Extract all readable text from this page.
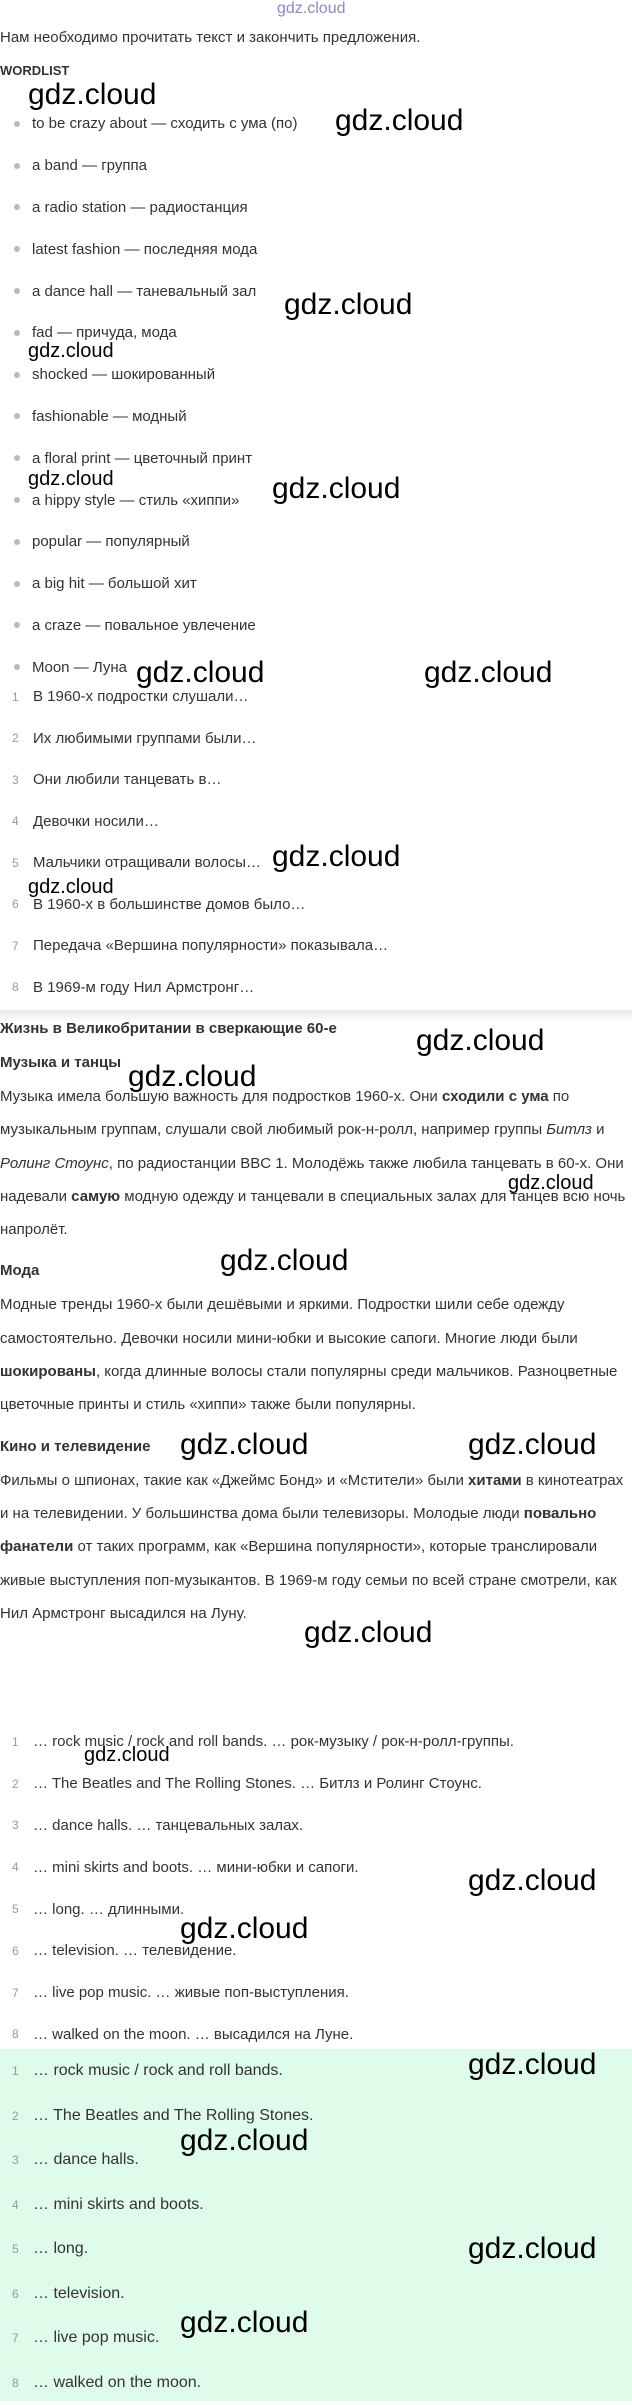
gdz.cloud
Нам необходимо прочитать текст и закончить предложения.
WORDLIST
to be crazy about — сходить с ума (по)
a band — группа
a radio station — радиостанция
latest fashion — последняя мода
a dance hall — таневальный зал
fad — причуда, мода
shocked — шокированный
fashionable — модный
a floral print — цветочный принт
a hippy style — стиль «хиппи»
popular — популярный
a big hit — большой хит
a craze — повальное увлечение
Moon — Луна
1 В 1960-х подростки слушали…
2 Их любимыми группами были…
3 Они любили танцевать в…
4 Девочки носили…
5 Мальчики отращивали волосы…
6 В 1960-х в большинстве домов было…
7 Передача «Вершина популярности» показывала…
8 В 1969-м году Нил Армстронг…
Жизнь в Великобритании в сверкающие 60-е
Музыка и танцы

Музыка имела большую важность для подростков 1960-х. Они сходили с ума по музыкальным группам, слушали свой любимый рок-н-ролл, например группы Битлз и Ролинг Стоунс, по радиостанции BBC 1. Молодёжь также любила танцевать в 60-х. Они надевали самую модную одежду и танцевали в специальных залах для танцев всю ночь напролёт.

Мода

Модные тренды 1960-х были дешёвыми и яркими. Подростки шили себе одежду самостоятельно. Девочки носили мини-юбки и высокие сапоги. Многие люди были шокированы, когда длинные волосы стали популярны среди мальчиков. Разноцветные цветочные принты и стиль «хиппи» также были популярны.

Кино и телевидение

Фильмы о шпионах, такие как «Джеймс Бонд» и «Мстители» были хитами в кинотеатрах и на телевидении. У большинства дома были телевизоры. Молодые люди повально фанатели от таких программ, как «Вершина популярности», которые транслировали живые выступления поп-музыкантов. В 1969-м году семьи по всей стране смотрели, как Нил Армстронг высадился на Луну.

1 … rock music / rock and roll bands. … рок-музыку / рок-н-ролл-группы.
2 … The Beatles and The Rolling Stones. … Битлз и Ролинг Стоунс.
3 … dance halls. … танцевальных залах.
4 … mini skirts and boots. … мини-юбки и сапоги.
5 … long. … длинными.
6 … television. … телевидение.
7 … live pop music. … живые поп-выступления.
8 … walked on the moon. … высадился на Луне.
1 … rock music / rock and roll bands.
2 … The Beatles and The Rolling Stones.
3 … dance halls.
4 … mini skirts and boots.
5 … long.
6 … television.
7 … live pop music.
8 … walked on the moon.
gdz.cloud
gdz.cloud
gdz.cloud
gdz.cloud
gdz.cloud	gdz.cloud
gdz.cloud	gdz.cloud
gdz.cloud
gdz.cloud
gdz.cloud
gdz.cloud
gdz.cloud
gdz.cloud
gdz.cloud	gdz.cloud
gdz.cloud
gdz.cloud
gdz.cloud
gdz.cloud
gdz.cloud
gdz.cloud
gdz.cloud
gdz.cloud
